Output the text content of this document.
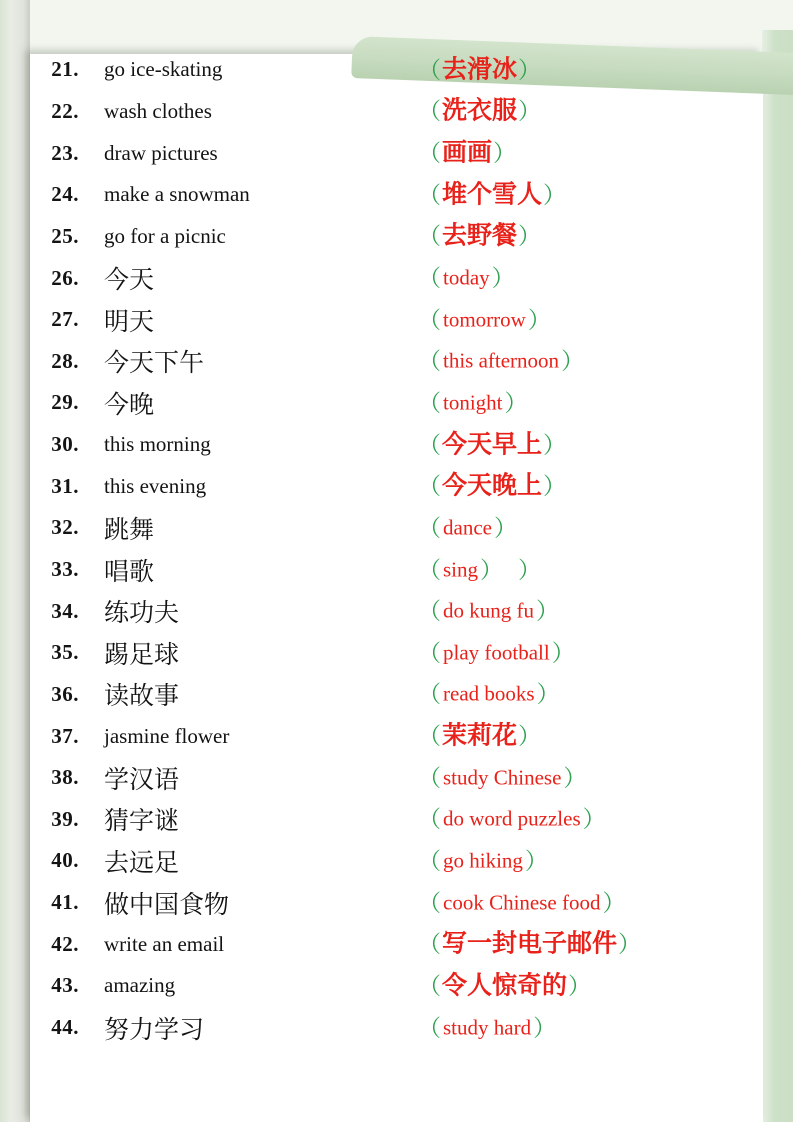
21. go ice-skating	（ 去滑冰 ）
22. wash clothes	（ 洗衣服 ）
23. draw pictures	（ 画画 ）
24. make a snowman	（ 堆个雪人 ）
25. go for a picnic	（ 去野餐 ）
26. 今天	（ today ）
27. 明天	（ tomorrow ）
28. 今天下午	（ this afternoon ）
29. 今晚	（ tonight ）
30. this morning	（ 今天早上 ）
31. this evening	（ 今天晚上 ）
32. 跳舞	（ dance ）
33. 唱歌	（ sing ） ）
34. 练功夫	（ do kung fu ）
35. 踢足球	（ play football ）
36. 读故事	（ read books ）
37. jasmine flower	（ 茉莉花 ）
38. 学汉语	（ study Chinese ）
39. 猜字谜	（ do word puzzles ）
40. 去远足	（ go hiking ）
41. 做中国食物	（ cook Chinese food ）
42. write an email	（ 写一封电子邮件 ）
43. amazing	（ 令人惊奇的 ）
44. 努力学习	（ study hard ）
